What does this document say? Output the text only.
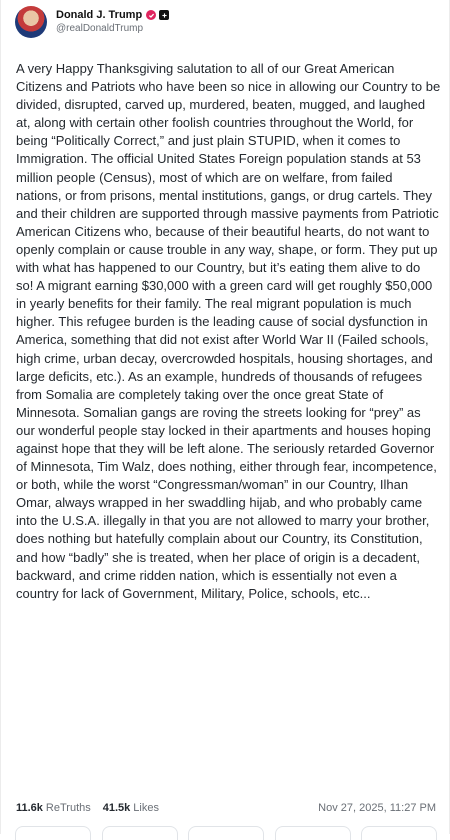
Donald J. Trump
@realDonaldTrump

A very Happy Thanksgiving salutation to all of our Great American Citizens and Patriots who have been so nice in allowing our Country to be divided, disrupted, carved up, murdered, beaten, mugged, and laughed at, along with certain other foolish countries throughout the World, for being “Politically Correct,” and just plain STUPID, when it comes to Immigration. The official United States Foreign population stands at 53 million people (Census), most of which are on welfare, from failed nations, or from prisons, mental institutions, gangs, or drug cartels. They and their children are supported through massive payments from Patriotic American Citizens who, because of their beautiful hearts, do not want to openly complain or cause trouble in any way, shape, or form. They put up with what has happened to our Country, but it’s eating them alive to do so! A migrant earning $30,000 with a green card will get roughly $50,000 in yearly benefits for their family. The real migrant population is much higher. This refugee burden is the leading cause of social dysfunction in America, something that did not exist after World War II (Failed schools, high crime, urban decay, overcrowded hospitals, housing shortages, and large deficits, etc.). As an example, hundreds of thousands of refugees from Somalia are completely taking over the once great State of Minnesota. Somalian gangs are roving the streets looking for “prey” as our wonderful people stay locked in their apartments and houses hoping against hope that they will be left alone. The seriously retarded Governor of Minnesota, Tim Walz, does nothing, either through fear, incompetence, or both, while the worst “Congressman/woman” in our Country, Ilhan Omar, always wrapped in her swaddling hijab, and who probably came into the U.S.A. illegally in that you are not allowed to marry your brother, does nothing but hatefully complain about our Country, its Constitution, and how “badly” she is treated, when her place of origin is a decadent, backward, and crime ridden nation, which is essentially not even a country for lack of Government, Military, Police, schools, etc...

11.6k ReTruths 41.5k Likes	Nov 27, 2025, 11:27 PM
